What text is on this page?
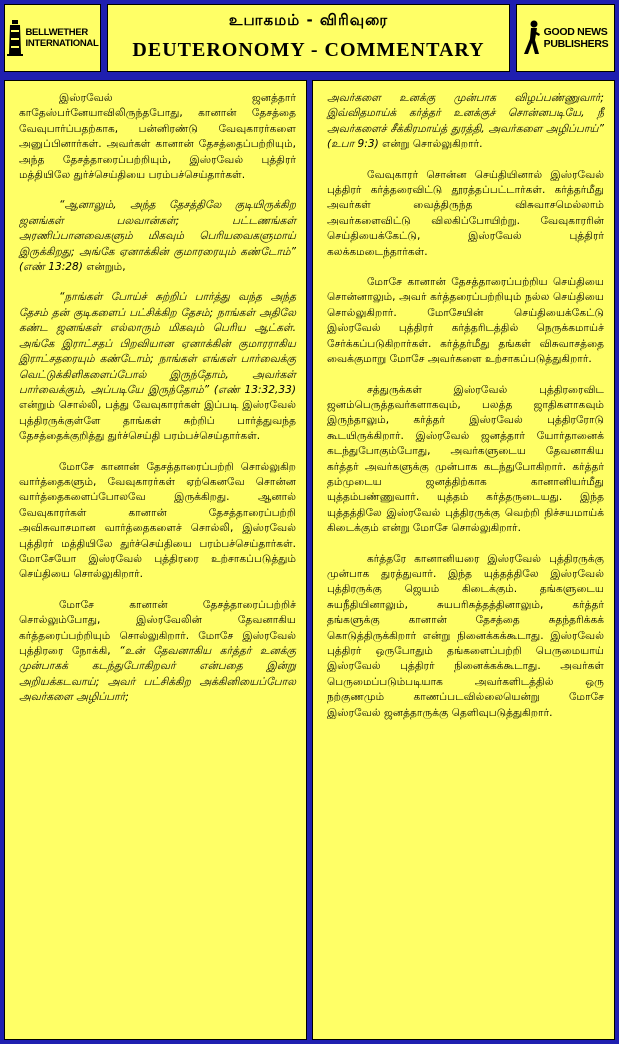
BELLWETHER
INTERNATIONAL
உபாகமம் - விரிவுரை
DEUTERONOMY - COMMENTARY
GOOD NEWS
PUBLISHERS

இஸ்ரவேல் ஜனத்தார் காதேஸ்பர்னேயாவிலிருந்தபோது, கானான் தேசத்தை வேவுபார்ப்பதற்காக, பன்னிரண்டு வேவுகாரர்களை அனுப்பினார்கள். அவர்கள் கானான் தேசத்தைப்பற்றியும், அந்த தேசத்தாரைப்பற்றியும், இஸ்ரவேல் புத்திரர் மத்தியிலே துர்ச்செய்தியை பரம்பச்செய்தார்கள்.

“ஆனாலும், அந்த தேசத்திலே குடியிருக்கிற ஜனங்கள் பலவான்கள்; பட்டணங்கள் அரணிப்பானவைகளும் மிகவும் பெரியவைகளுமாய் இருக்கிறது; அங்கே ஏனாக்கின் குமாரரையும் கண்டோம்” (எண் 13:28) என்றும்,

“நாங்கள் போய்ச் சுற்றிப் பார்த்து வந்த அந்த தேசம் தன் குடிகளைப் பட்சிக்கிற தேசம்; நாங்கள் அதிலே கண்ட ஜனங்கள் எல்லாரும் மிகவும் பெரிய ஆட்கள். அங்கே இராட்சதப் பிறவியான ஏனாக்கின் குமாரராகிய இராட்சதரையும் கண்டோம்; நாங்கள் எங்கள் பார்வைக்கு வெட்டுக்கிளிகளைப்போல் இருந்தோம், அவர்கள் பார்வைக்கும், அப்படியே இருந்தோம்” (எண் 13:32,33) என்றும் சொல்லி, பத்து வேவுகாரர்கள் இப்படி இஸ்ரவேல் புத்திரருக்குள்ளே தாங்கள் சுற்றிப் பார்த்துவந்த தேசத்தைக்குறித்து துர்ச்செய்தி பரம்பச்செய்தார்கள்.

மோசே கானான் தேசத்தாரைப்பற்றி சொல்லுகிற வார்த்தைகளும், வேவுகாரர்கள் ஏற்கெனவே சொன்ன வார்த்தைகளைப்போலவே இருக்கிறது. ஆனால் வேவுகாரர்கள் கானான் தேசத்தாரைப்பற்றி அவிசுவாசமான வார்த்தைகளைச் சொல்லி, இஸ்ரவேல் புத்திரர் மத்தியிலே துர்ச்செய்தியை பரம்பச்செய்தார்கள். மோசேயோ இஸ்ரவேல் புத்திரரை உற்சாகப்படுத்தும் செய்தியை சொல்லுகிறார்.

மோசே கானான் தேசத்தாரைப்பற்றிச் சொல்லும்போது, இஸ்ரவேலின் தேவனாகிய கர்த்தரைப்பற்றியும் சொல்லுகிறார். மோசே இஸ்ரவேல் புத்திரரை நோக்கி, “உன் தேவனாகிய கர்த்தர் உனக்கு முன்பாகக் கடந்துபோகிறவர் என்பதை இன்று அறியக்கடவாய்; அவர் பட்சிக்கிற அக்கினியைப்போல அவர்களை அழிப்பார்;

அவர்களை உனக்கு முன்பாக விழப்பண்ணுவார்; இவ்விதமாய்க் கர்த்தர் உனக்குச் சொன்னபடியே, நீ அவர்களைச் சீக்கிரமாய்த் துரத்தி, அவர்களை அழிப்பாய்” (உபா 9:3) என்று சொல்லுகிறார்.

வேவுகாரர் சொன்ன செய்தியினால் இஸ்ரவேல் புத்திரர் கர்த்தரைவிட்டு தூரத்தப்பட்டார்கள். கர்த்தர்மீது அவர்கள் வைத்திருந்த விசுவாசமெல்லாம் அவர்களைவிட்டு விலகிப்போயிற்று. வேவுகாரரின் செய்தியைக்கேட்டு, இஸ்ரவேல் புத்திரர் கலக்கமடைந்தார்கள்.

மோசே கானான் தேசத்தாரைப்பற்றிய செய்தியை சொன்னாலும், அவர் கர்த்தரைப்பற்றியும் நல்ல செய்தியை சொல்லுகிறார். மோசேயின் செய்தியைக்கேட்டு இஸ்ரவேல் புத்திரர் கர்த்தரிடத்தில் நெருக்கமாய்ச் சேர்க்கப்படுகிறார்கள். கர்த்தர்மீது தங்கள் விசுவாசத்தை வைக்குமாறு மோசே அவர்களை உற்சாகப்படுத்துகிறார்.

சத்துருக்கள் இஸ்ரவேல் புத்திரரைவிட ஜனம்பெருத்தவர்களாகவும், பலத்த ஜாதிகளாகவும் இருந்தாலும், கர்த்தர் இஸ்ரவேல் புத்திரரோடு கூடயிருக்கிறார். இஸ்ரவேல் ஜனத்தார் யோர்தானைக் கடந்துபோகும்போது, அவர்களுடைய தேவனாகிய கர்த்தர் அவர்களுக்கு முன்பாக கடந்துபோகிறார். கர்த்தர் தம்முடைய ஜனத்திற்காக கானானியர்மீது யுத்தம்பண்ணுவார். யுத்தம் கர்த்தருடையது. இந்த யுத்தத்திலே இஸ்ரவேல் புத்திரருக்கு வெற்றி நிச்சயமாய்க் கிடைக்கும் என்று மோசே சொல்லுகிறார்.

கர்த்தரே கானானியரை இஸ்ரவேல் புத்திரருக்கு முன்பாக துரத்துவார். இந்த யுத்தத்திலே இஸ்ரவேல் புத்திரருக்கு ஜெயம் கிடைக்கும். தங்களுடைய சுயநீதியினாலும், சுயபரிசுத்தத்தினாலும், கர்த்தர் தங்களுக்கு கானான் தேசத்தை சுதந்தரிக்கக் கொடுத்திருக்கிறார் என்று நினைக்கக்கூடாது. இஸ்ரவேல் புத்திரர் ஒருபோதும் தங்களைப்பற்றி பெருமையாய் இஸ்ரவேல் புத்திரர் நினைக்கக்கூடாது. அவர்கள் பெருமைப்படும்படியாக அவர்களிடத்தில் ஒரு நற்குணமும் காணப்படவில்லையென்று மோசே இஸ்ரவேல் ஜனத்தாருக்கு தெளிவுபடுத்துகிறார்.
